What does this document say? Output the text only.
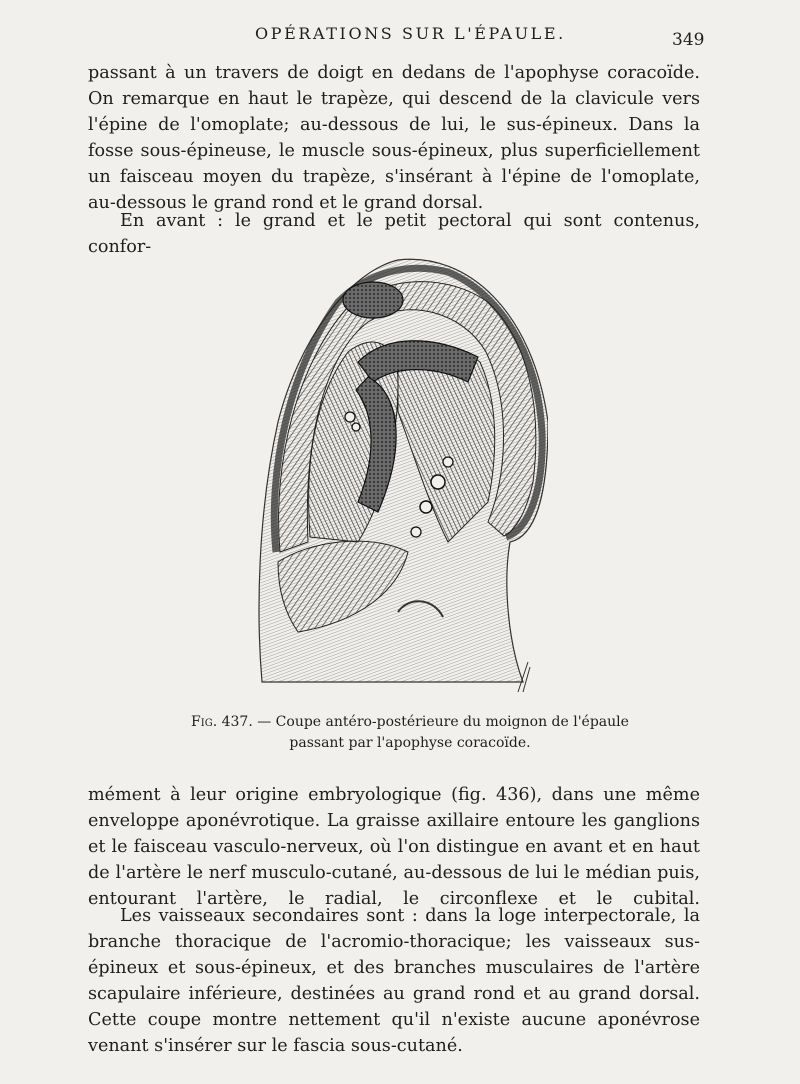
OPÉRATIONS SUR L'ÉPAULE.	349

passant à un travers de doigt en dedans de l'apophyse coracoïde. On remarque en haut le trapèze, qui descend de la clavicule vers l'épine de l'omoplate; au-dessous de lui, le sus-épineux. Dans la fosse sous-épineuse, le muscle sous-épineux, plus superficiellement un faisceau moyen du trapèze, s'insérant à l'épine de l'omoplate, au-dessous le grand rond et le grand dorsal.

En avant : le grand et le petit pectoral qui sont contenus, confor-

Fig. 437. — Coupe antéro-postérieure du moignon de l'épaule
passant par l'apophyse coracoïde.

mément à leur origine embryologique (fig. 436), dans une même enveloppe aponévrotique. La graisse axillaire entoure les ganglions et le faisceau vasculo-nerveux, où l'on distingue en avant et en haut de l'artère le nerf musculo-cutané, au-dessous de lui le médian puis, entourant l'artère, le radial, le circonflexe et le cubital.

Les vaisseaux secondaires sont : dans la loge interpectorale, la branche thoracique de l'acromio-thoracique; les vaisseaux sus-épineux et sous-épineux, et des branches musculaires de l'artère scapulaire inférieure, destinées au grand rond et au grand dorsal. Cette coupe montre nettement qu'il n'existe aucune aponévrose venant s'insérer sur le fascia sous-cutané.
